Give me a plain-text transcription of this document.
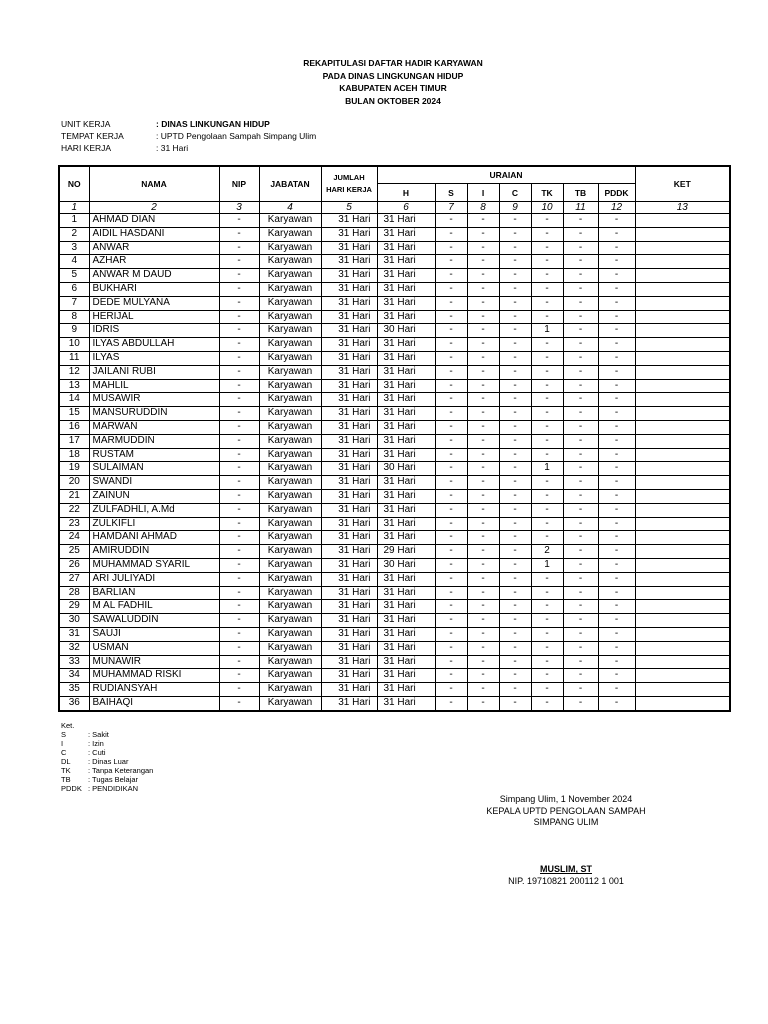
REKAPITULASI DAFTAR HADIR KARYAWAN
PADA DINAS LINGKUNGAN HIDUP
KABUPATEN ACEH TIMUR
BULAN OKTOBER 2024
UNIT KERJA	: DINAS LINKUNGAN HIDUP
TEMPAT KERJA	: UPTD Pengolaan Sampah Simpang Ulim
HARI KERJA	: 31 Hari
NO	NAMA	NIP	JABATAN	JUMLAH
HARI KERJA	URAIAN							KET
					H	S	I	C	TK	TB	PDDK	
1	2	3	4	5	6	7	8	9	10	11	12	13
1	AHMAD DIAN	-	Karyawan	31 Hari	31 Hari	-	-	-	-	-	-	
2	AIDIL HASDANI	-	Karyawan	31 Hari	31 Hari	-	-	-	-	-	-	
3	ANWAR	-	Karyawan	31 Hari	31 Hari	-	-	-	-	-	-	
4	AZHAR	-	Karyawan	31 Hari	31 Hari	-	-	-	-	-	-	
5	ANWAR M DAUD	-	Karyawan	31 Hari	31 Hari	-	-	-	-	-	-	
6	BUKHARI	-	Karyawan	31 Hari	31 Hari	-	-	-	-	-	-	
7	DEDE MULYANA	-	Karyawan	31 Hari	31 Hari	-	-	-	-	-	-	
8	HERIJAL	-	Karyawan	31 Hari	31 Hari	-	-	-	-	-	-	
9	IDRIS	-	Karyawan	31 Hari	30 Hari	-	-	-	1	-	-	
10	ILYAS ABDULLAH	-	Karyawan	31 Hari	31 Hari	-	-	-	-	-	-	
11	ILYAS	-	Karyawan	31 Hari	31 Hari	-	-	-	-	-	-	
12	JAILANI RUBI	-	Karyawan	31 Hari	31 Hari	-	-	-	-	-	-	
13	MAHLIL	-	Karyawan	31 Hari	31 Hari	-	-	-	-	-	-	
14	MUSAWIR	-	Karyawan	31 Hari	31 Hari	-	-	-	-	-	-	
15	MANSURUDDIN	-	Karyawan	31 Hari	31 Hari	-	-	-	-	-	-	
16	MARWAN	-	Karyawan	31 Hari	31 Hari	-	-	-	-	-	-	
17	MARMUDDIN	-	Karyawan	31 Hari	31 Hari	-	-	-	-	-	-	
18	RUSTAM	-	Karyawan	31 Hari	31 Hari	-	-	-	-	-	-	
19	SULAIMAN	-	Karyawan	31 Hari	30 Hari	-	-	-	1	-	-	
20	SWANDI	-	Karyawan	31 Hari	31 Hari	-	-	-	-	-	-	
21	ZAINUN	-	Karyawan	31 Hari	31 Hari	-	-	-	-	-	-	
22	ZULFADHLI, A.Md	-	Karyawan	31 Hari	31 Hari	-	-	-	-	-	-	
23	ZULKIFLI	-	Karyawan	31 Hari	31 Hari	-	-	-	-	-	-	
24	HAMDANI AHMAD	-	Karyawan	31 Hari	31 Hari	-	-	-	-	-	-	
25	AMIRUDDIN	-	Karyawan	31 Hari	29 Hari	-	-	-	2	-	-	
26	MUHAMMAD SYARIL	-	Karyawan	31 Hari	30 Hari	-	-	-	1	-	-	
27	ARI JULIYADI	-	Karyawan	31 Hari	31 Hari	-	-	-	-	-	-	
28	BARLIAN	-	Karyawan	31 Hari	31 Hari	-	-	-	-	-	-	
29	M AL FADHIL	-	Karyawan	31 Hari	31 Hari	-	-	-	-	-	-	
30	SAWALUDDIN	-	Karyawan	31 Hari	31 Hari	-	-	-	-	-	-	
31	SAUJI	-	Karyawan	31 Hari	31 Hari	-	-	-	-	-	-	
32	USMAN	-	Karyawan	31 Hari	31 Hari	-	-	-	-	-	-	
33	MUNAWIR	-	Karyawan	31 Hari	31 Hari	-	-	-	-	-	-	
34	MUHAMMAD RISKI	-	Karyawan	31 Hari	31 Hari	-	-	-	-	-	-	
35	RUDIANSYAH	-	Karyawan	31 Hari	31 Hari	-	-	-	-	-	-	
36	BAIHAQI	-	Karyawan	31 Hari	31 Hari	-	-	-	-	-	-	
Ket.
S	: Sakit
I	: Izin
C	: Cuti
DL	: Dinas Luar
TK	: Tanpa Keterangan
TB	: Tugas Belajar
PDDK : PENDIDIKAN
Simpang Ulim, 1 November 2024
KEPALA UPTD PENGOLAAN SAMPAH
SIMPANG ULIM
MUSLIM, ST
NIP. 19710821 200112 1 001
